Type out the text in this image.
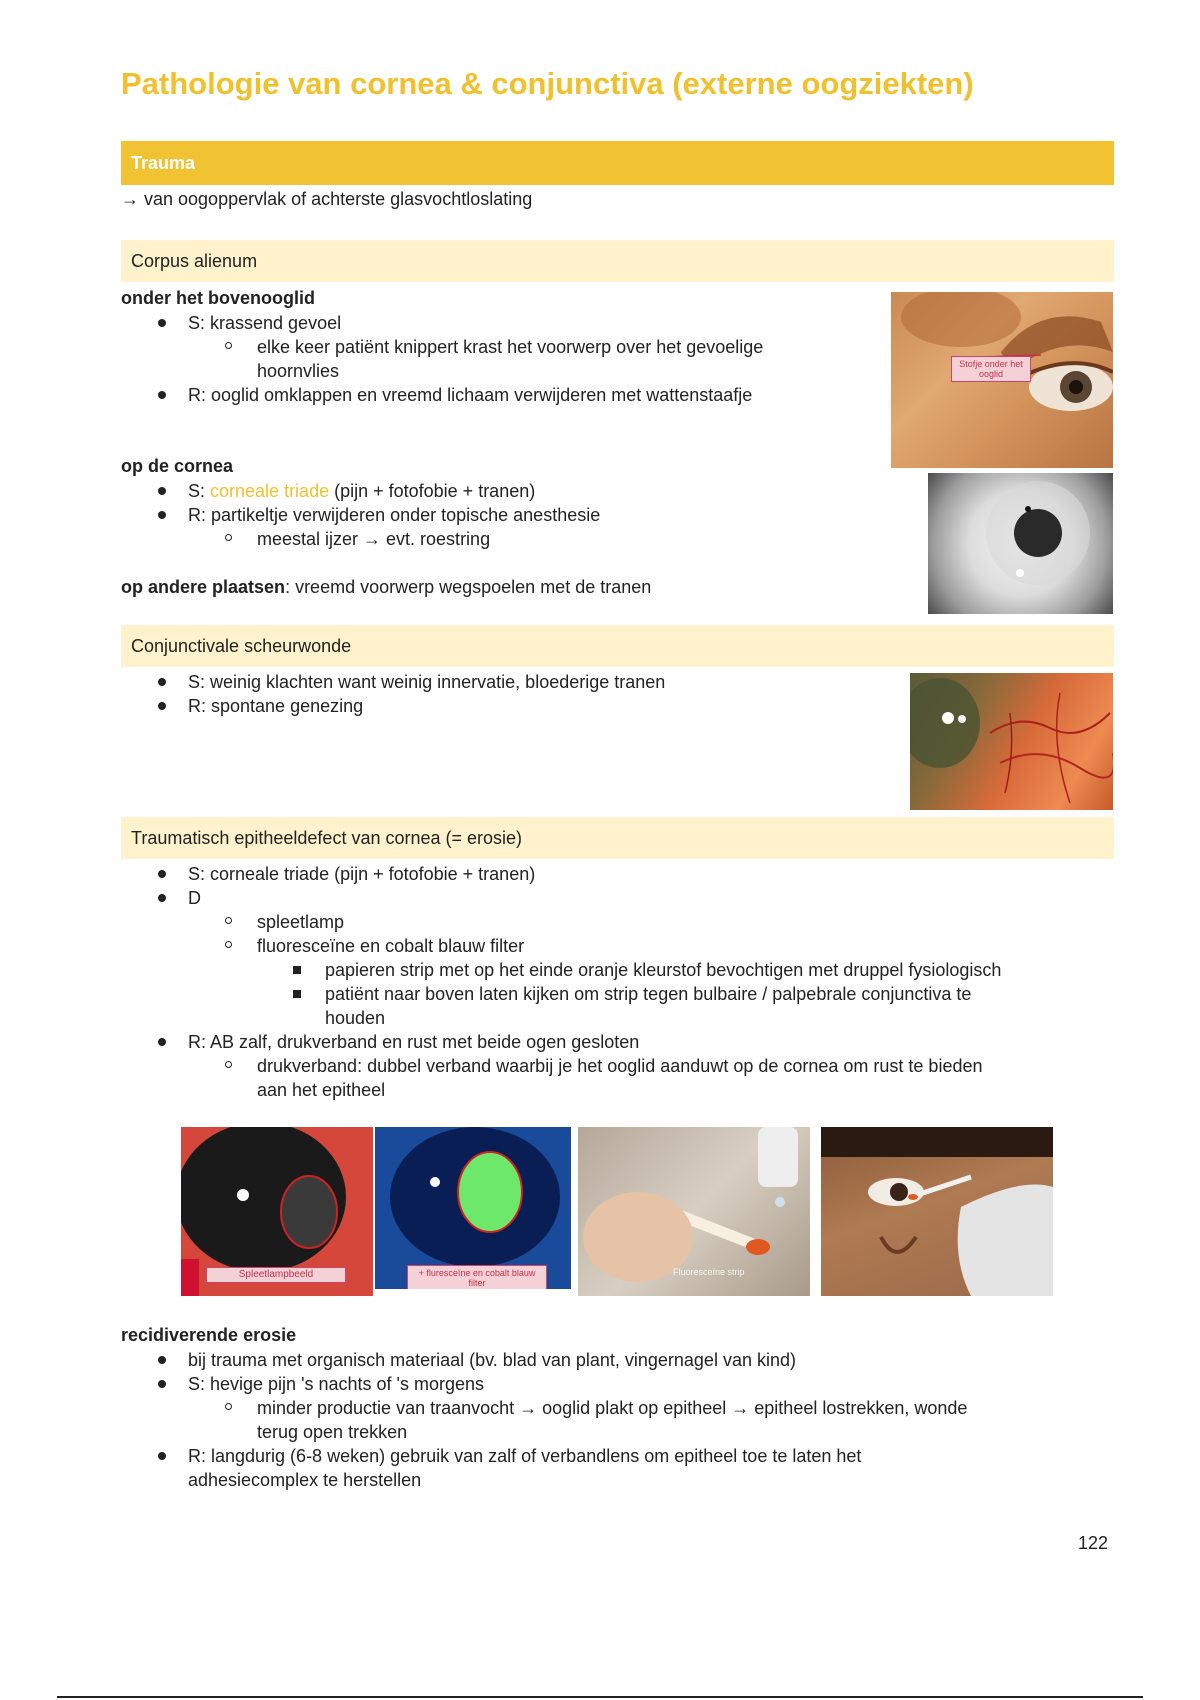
Pathologie van cornea & conjunctiva (externe oogziekten)
Trauma
→ van oogoppervlak of achterste glasvochtloslating
Corpus alienum
onder het bovenooglid
S: krassend gevoel
elke keer patiënt knippert krast het voorwerp over het gevoelige
hoornvlies
R: ooglid omklappen en vreemd lichaam verwijderen met wattenstaafje
op de cornea
S: corneale triade (pijn + fotofobie + tranen)
R: partikeltje verwijderen onder topische anesthesie
meestal ijzer → evt. roestring
op andere plaatsen: vreemd voorwerp wegspoelen met de tranen
Stofje onder het ooglid
Conjunctivale scheurwonde
S: weinig klachten want weinig innervatie, bloederige tranen
R: spontane genezing
Traumatisch epitheeldefect van cornea (= erosie)
S: corneale triade (pijn + fotofobie + tranen)
D
spleetlamp
fluoresceïne en cobalt blauw filter
papieren strip met op het einde oranje kleurstof bevochtigen met druppel fysiologisch
patiënt naar boven laten kijken om strip tegen bulbaire / palpebrale conjunctiva te
houden
R: AB zalf, drukverband en rust met beide ogen gesloten
drukverband: dubbel verband waarbij je het ooglid aanduwt op de cornea om rust te bieden
aan het epitheel
Spleetlampbeeld	+ fluresceïne en cobalt blauw filter
Fluoresceïne strip
recidiverende erosie
bij trauma met organisch materiaal (bv. blad van plant, vingernagel van kind)
S: hevige pijn 's nachts of 's morgens
minder productie van traanvocht → ooglid plakt op epitheel → epitheel lostrekken, wonde
terug open trekken
R: langdurig (6-8 weken) gebruik van zalf of verbandlens om epitheel toe te laten het
adhesiecomplex te herstellen
122
